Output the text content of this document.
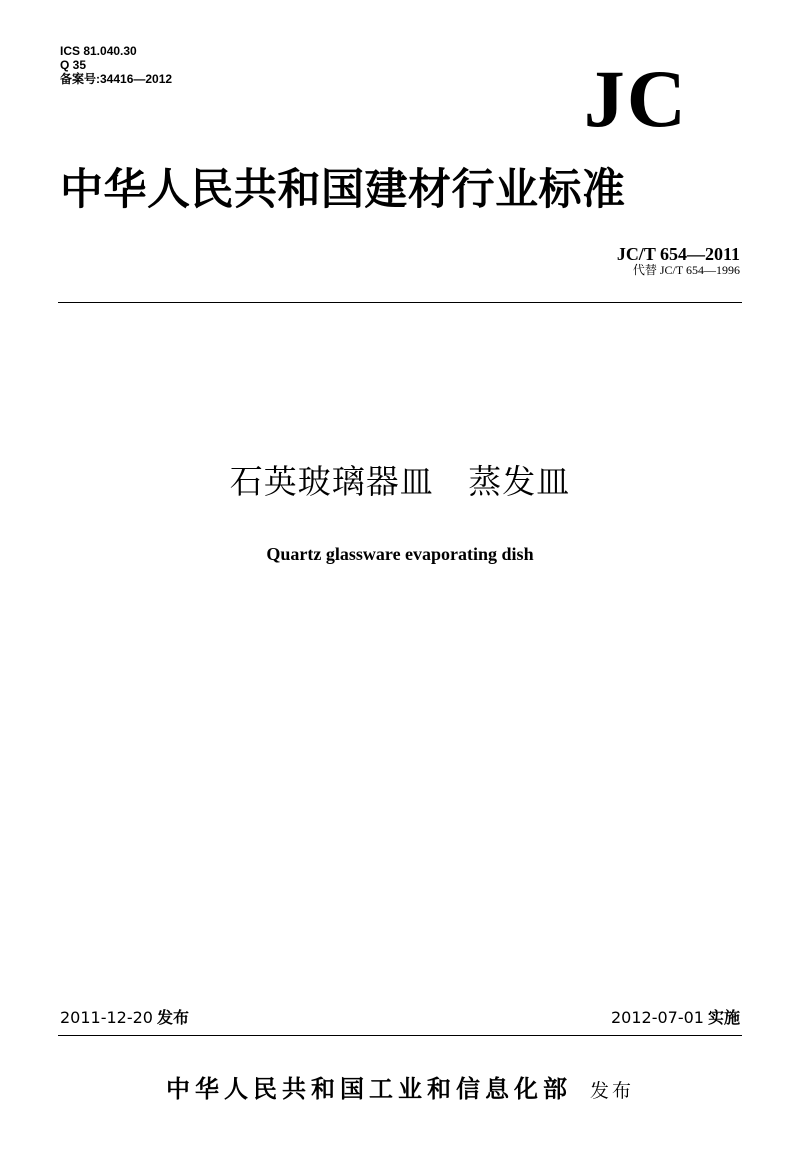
ICS 81.040.30
Q 35
备案号:34416—2012	JC
中华人民共和国建材行业标准
JC/T 654—2011
代替 JC/T 654—1996
石英玻璃器皿   蒸发皿
Quartz glassware evaporating dish
2011-12-20 发布	2012-07-01 实施
中华人民共和国工业和信息化部 发布
